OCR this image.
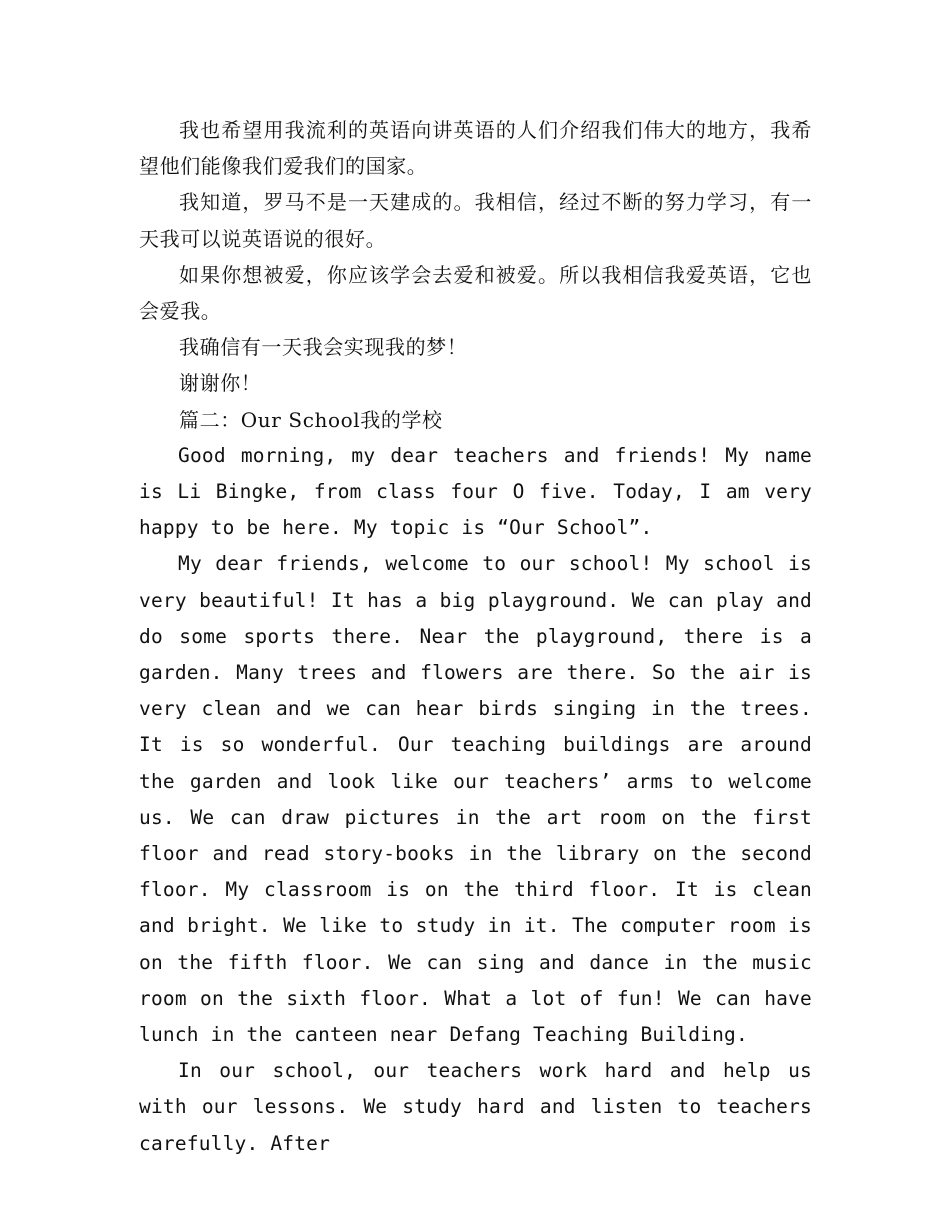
我也希望用我流利的英语向讲英语的人们介绍我们伟大的地方，我希望他们能像我们爱我们的国家。

我知道，罗马不是一天建成的。我相信，经过不断的努力学习，有一天我可以说英语说的很好。

如果你想被爱，你应该学会去爱和被爱。所以我相信我爱英语，它也会爱我。

我确信有一天我会实现我的梦！

谢谢你！

篇二：Our School我的学校

Good morning, my dear teachers and friends! My name is Li Bingke, from class four O five. Today, I am very happy to be here. My topic is “Our School”.

My dear friends, welcome to our school! My school is very beautiful! It has a big playground. We can play and do some sports there. Near the playground, there is a garden. Many trees and flowers are there. So the air is very clean and we can hear birds singing in the trees. It is so wonderful. Our teaching buildings are around the garden and look like our teachers’ arms to welcome us. We can draw pictures in the art room on the first floor and read story-books in the library on the second floor. My classroom is on the third floor. It is clean and bright. We like to study in it. The computer room is on the fifth floor. We can sing and dance in the music room on the sixth floor. What a lot of fun! We can have lunch in the canteen near Defang Teaching Building.

In our school, our teachers work hard and help us with our lessons. We study hard and listen to teachers carefully. After
